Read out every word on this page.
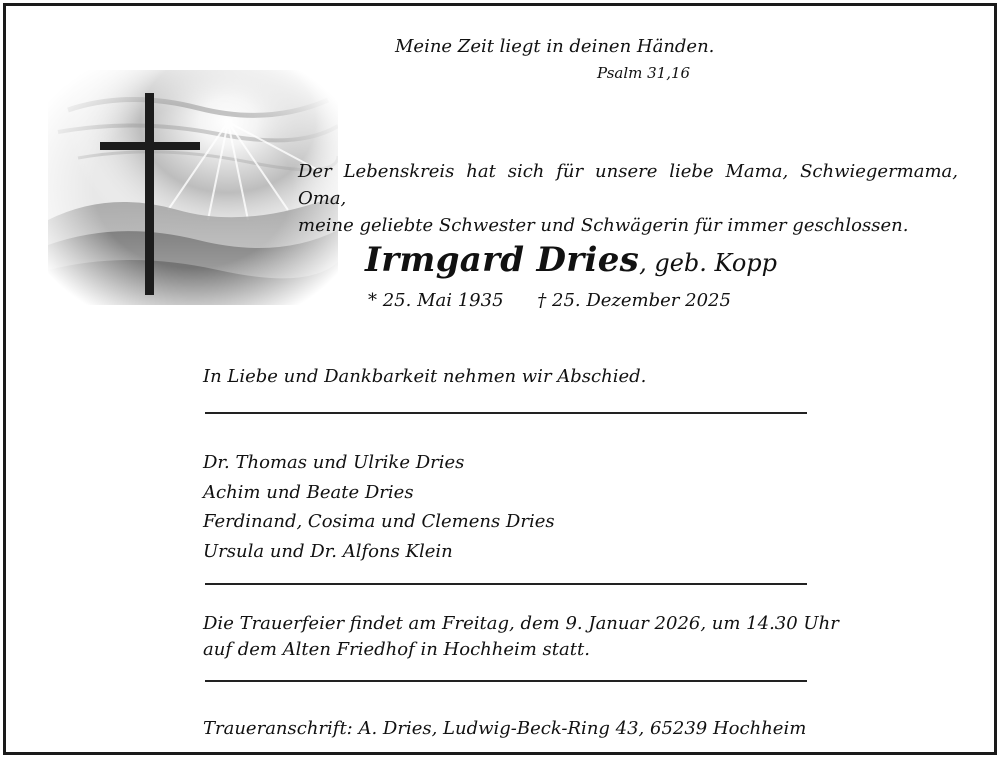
Meine Zeit liegt in deinen Händen.
Psalm 31,16
Der Lebenskreis hat sich für unsere liebe Mama, Schwiegermama, Oma,
meine geliebte Schwester und Schwägerin für immer geschlossen.
Irmgard Dries, geb. Kopp
* 25. Mai 1935 † 25. Dezember 2025
In Liebe und Dankbarkeit nehmen wir Abschied.
Dr. Thomas und Ulrike Dries
Achim und Beate Dries
Ferdinand, Cosima und Clemens Dries
Ursula und Dr. Alfons Klein
Die Trauerfeier findet am Freitag, dem 9. Januar 2026, um 14.30 Uhr
auf dem Alten Friedhof in Hochheim statt.
Traueranschrift: A. Dries, Ludwig-Beck-Ring 43, 65239 Hochheim
